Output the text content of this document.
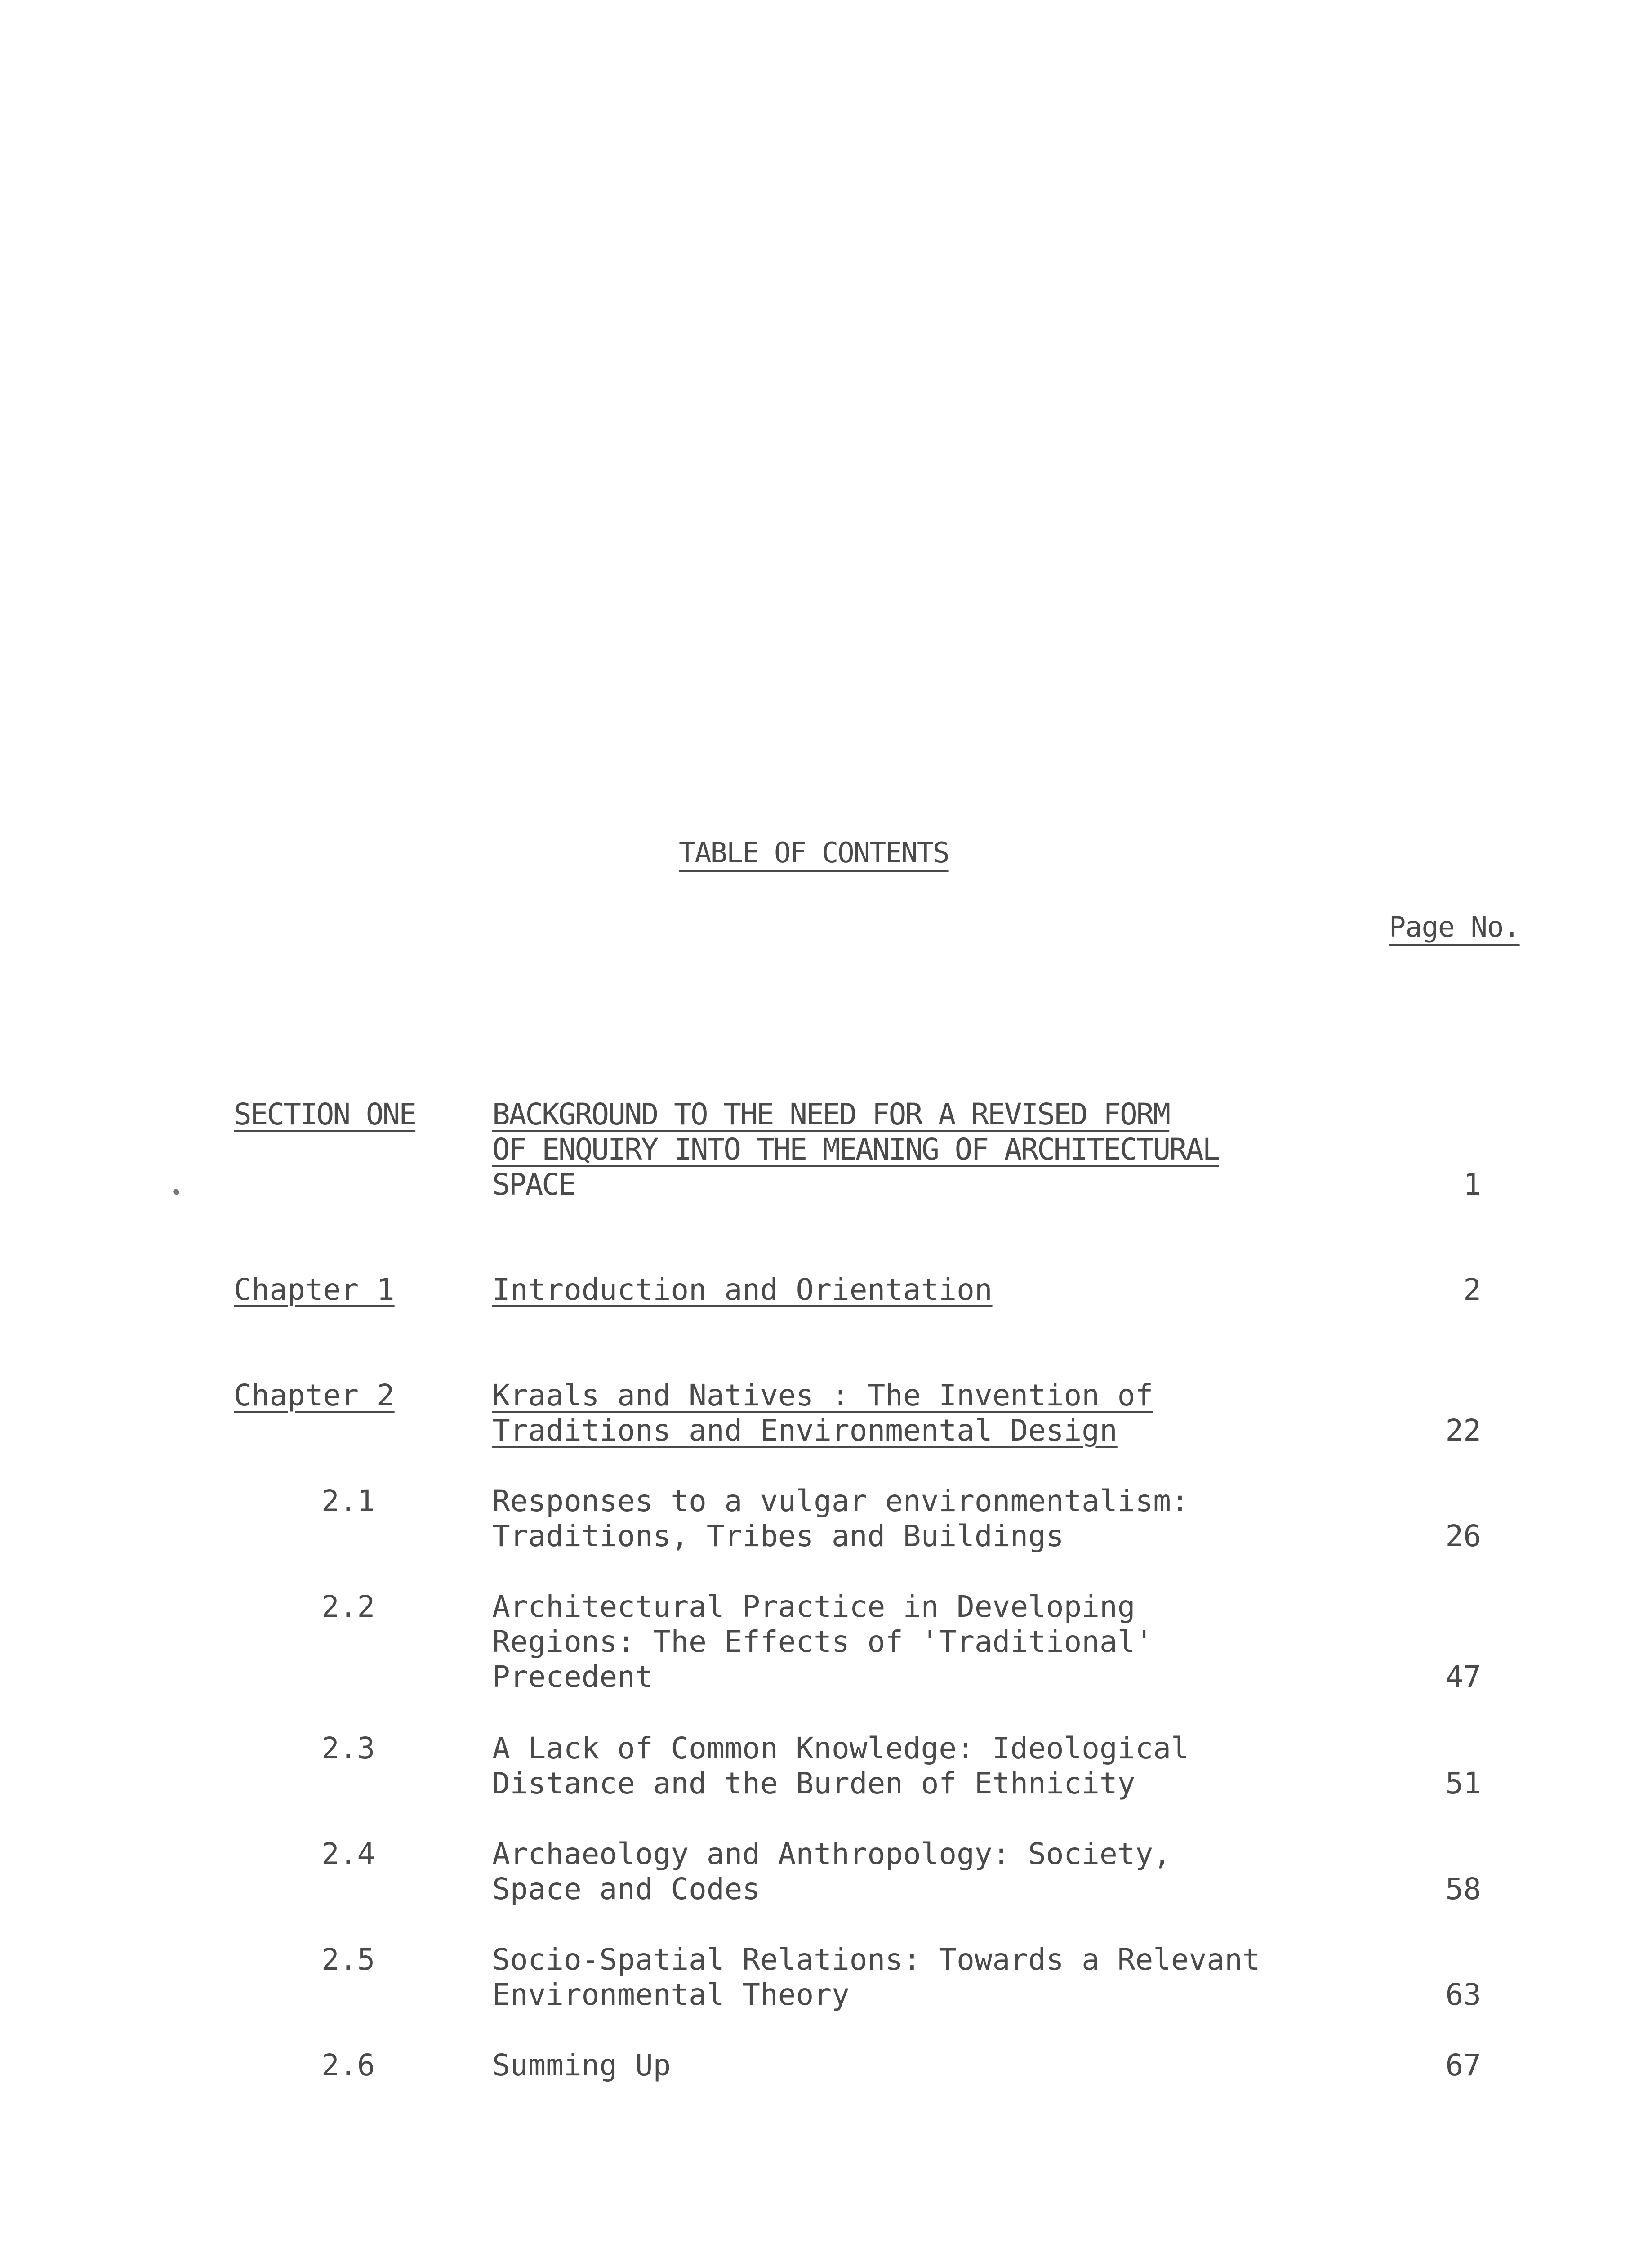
TABLE OF CONTENTS
Page No.
SECTION ONE	BACKGROUND TO THE NEED FOR A REVISED FORM
OF ENQUIRY INTO THE MEANING OF ARCHITECTURAL
SPACE	1
Chapter 1	Introduction and Orientation	2
Chapter 2	Kraals and Natives : The Invention of
Traditions and Environmental Design	22
2.1	Responses to a vulgar environmentalism:
Traditions, Tribes and Buildings	26
2.2	Architectural Practice in Developing
Regions: The Effects of 'Traditional'
Precedent	47
2.3	A Lack of Common Knowledge: Ideological
Distance and the Burden of Ethnicity	51
2.4	Archaeology and Anthropology: Society,
Space and Codes	58
2.5	Socio-Spatial Relations: Towards a Relevant
Environmental Theory	63
2.6	Summing Up	67
